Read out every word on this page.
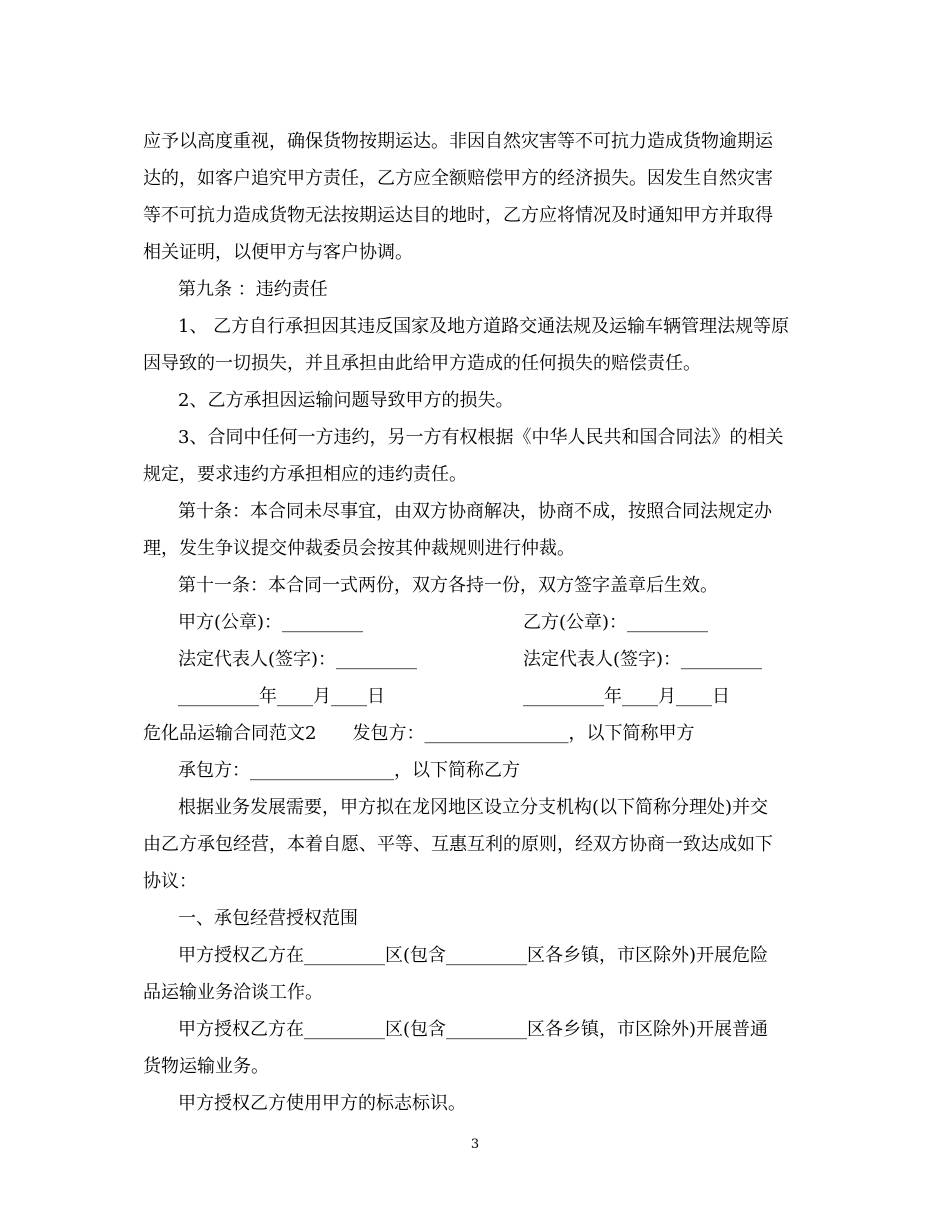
应予以高度重视，确保货物按期运达。非因自然灾害等不可抗力造成货物逾期运
达的，如客户追究甲方责任，乙方应全额赔偿甲方的经济损失。因发生自然灾害
等不可抗力造成货物无法按期运达目的地时，乙方应将情况及时通知甲方并取得
相关证明，以便甲方与客户协调。
第九条 ：违约责任
1、 乙方自行承担因其违反国家及地方道路交通法规及运输车辆管理法规等原
因导致的一切损失，并且承担由此给甲方造成的任何损失的赔偿责任。
2、乙方承担因运输问题导致甲方的损失。
3、合同中任何一方违约，另一方有权根据《中华人民共和国合同法》的相关
规定，要求违约方承担相应的违约责任。
第十条：本合同未尽事宜，由双方协商解决，协商不成，按照合同法规定办
理，发生争议提交仲裁委员会按其仲裁规则进行仲裁。
第十一条：本合同一式两份，双方各持一份，双方签字盖章后生效。
甲方(公章)：_________	乙方(公章)：_________
法定代表人(签字)：_________	法定代表人(签字)：_________
_________年____月____日	_________年____月____日
危化品运输合同范文2　　发包方：________________，以下简称甲方
承包方：________________，以下简称乙方
根据业务发展需要，甲方拟在龙冈地区设立分支机构(以下简称分理处)并交
由乙方承包经营，本着自愿、平等、互惠互利的原则，经双方协商一致达成如下
协议：
一、承包经营授权范围
甲方授权乙方在_________区(包含_________区各乡镇，市区除外)开展危险
品运输业务洽谈工作。
甲方授权乙方在_________区(包含_________区各乡镇，市区除外)开展普通
货物运输业务。
甲方授权乙方使用甲方的标志标识。
3
